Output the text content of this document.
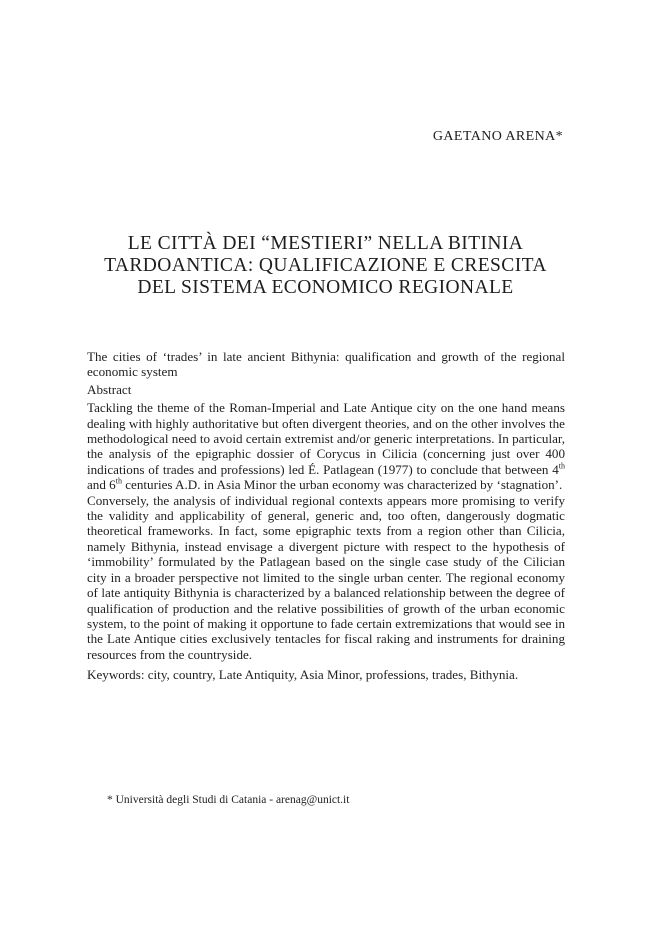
GAETANO ARENA*
LE CITTÀ DEI “MESTIERI” NELLA BITINIA
TARDOANTICA: QUALIFICAZIONE E CRESCITA
DEL SISTEMA ECONOMICO REGIONALE

The cities of ‘trades’ in late ancient Bithynia: qualification and growth of the regional economic system

Abstract

Tackling the theme of the Roman-Imperial and Late Antique city on the one hand means dealing with highly authoritative but often divergent theories, and on the other involves the methodological need to avoid certain extremist and/or generic interpretations. In particular, the analysis of the epigraphic dossier of Corycus in Cilicia (concerning just over 400 indications of trades and professions) led É. Patlagean (1977) to conclude that between 4th and 6th centuries A.D. in Asia Minor the urban economy was characterized by ‘stagnation’.

Conversely, the analysis of individual regional contexts appears more promising to verify the validity and applicability of general, generic and, too often, dangerously dogmatic theoretical frameworks. In fact, some epigraphic texts from a region other than Cilicia, namely Bithynia, instead envisage a divergent picture with respect to the hypothesis of ‘immobility’ formulated by the Patlagean based on the single case study of the Cilician city in a broader perspective not limited to the single urban center. The regional economy of late antiquity Bithynia is characterized by a balanced relationship between the degree of qualification of production and the relative possibilities of growth of the urban economic system, to the point of making it opportune to fade certain extremizations that would see in the Late Antique cities exclusively tentacles for fiscal raking and instruments for draining resources from the countryside.

Keywords: city, country, Late Antiquity, Asia Minor, professions, trades, Bithynia.

* Università degli Studi di Catania - arenag@unict.it
